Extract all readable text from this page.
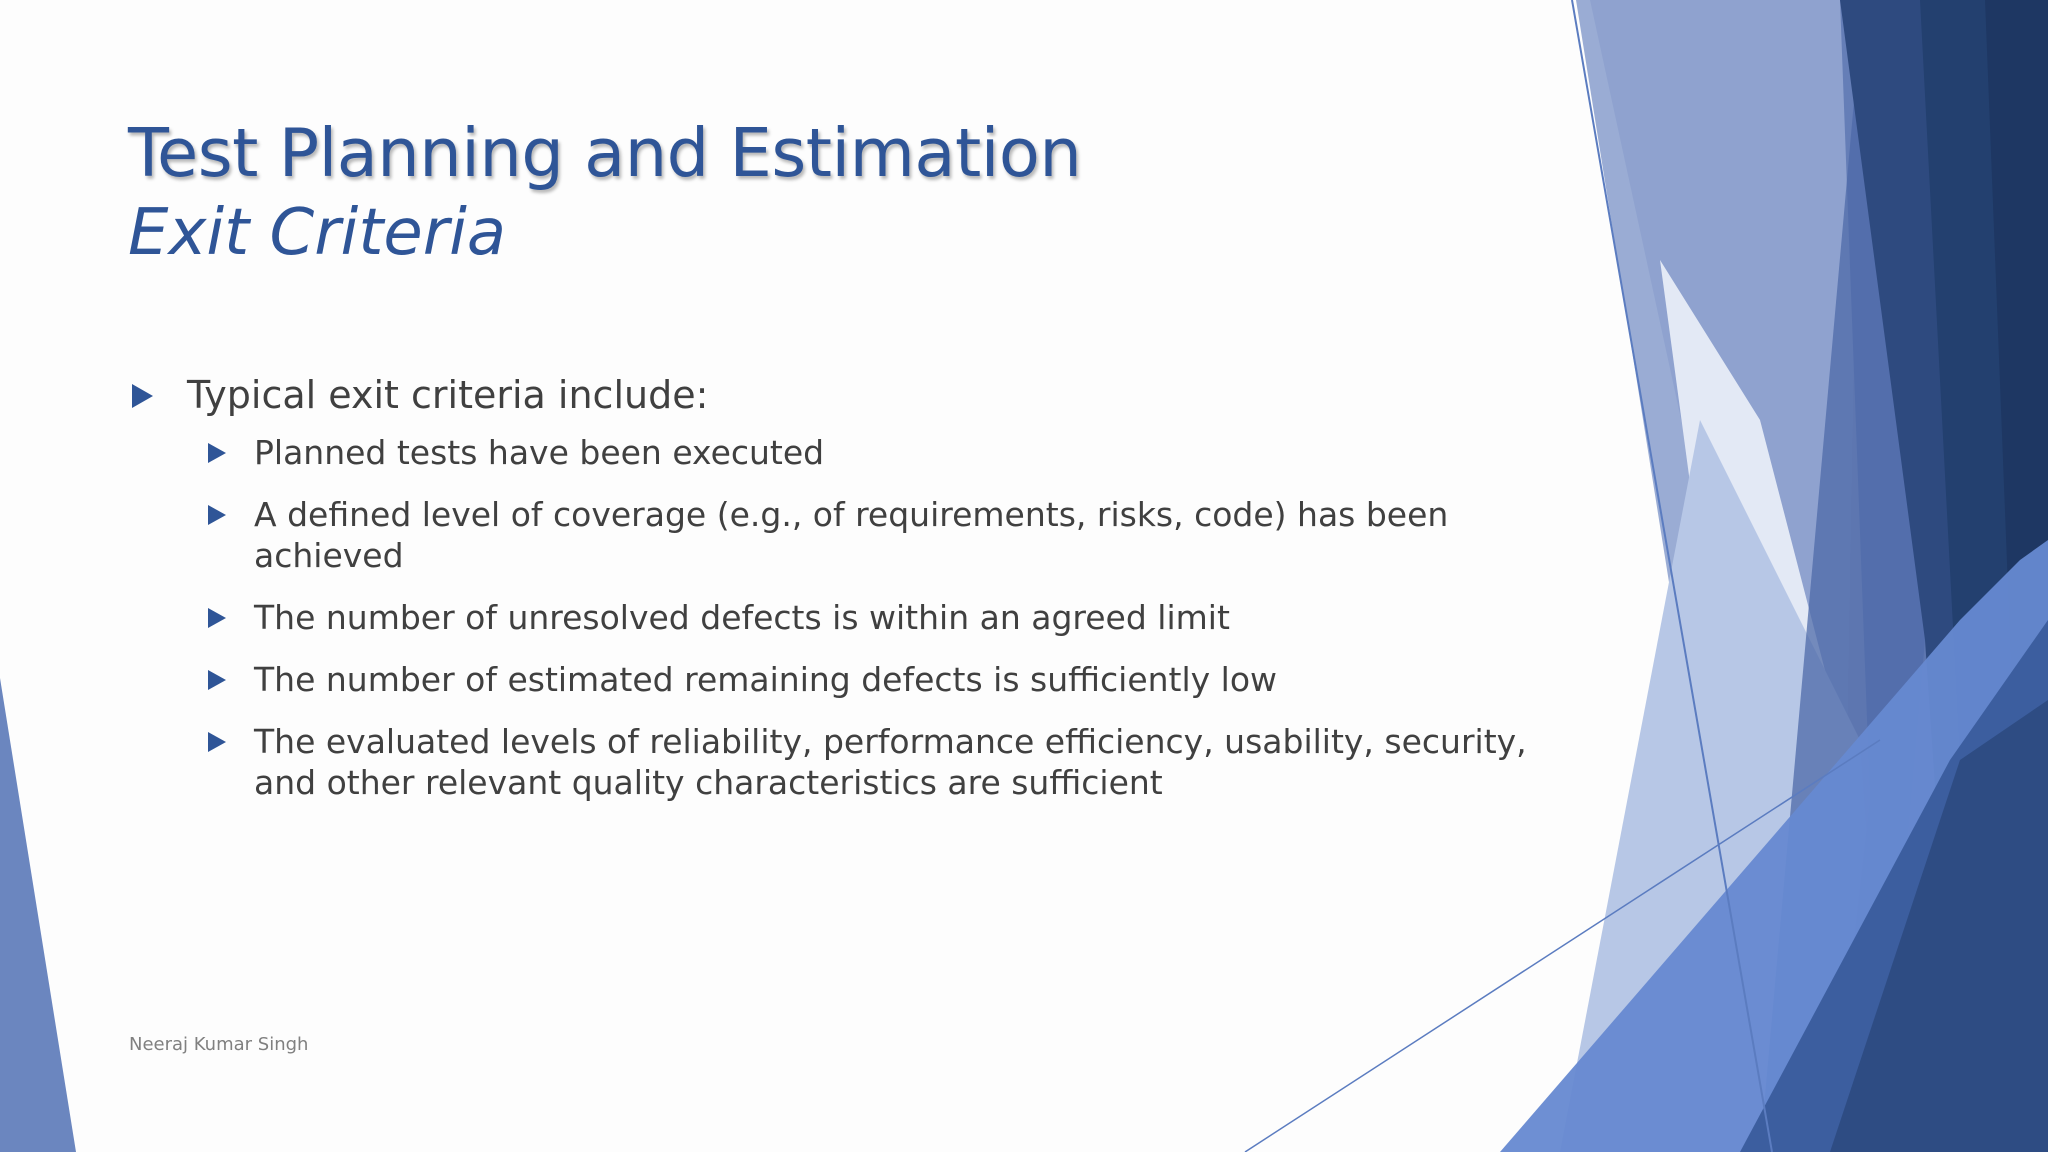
Test Planning and Estimation
Exit Criteria
Typical exit criteria include:
Planned tests have been executed
A defined level of coverage (e.g., of requirements, risks, code) has been achieved
The number of unresolved defects is within an agreed limit
The number of estimated remaining defects is sufficiently low
The evaluated levels of reliability, performance efficiency, usability, security, and other relevant quality characteristics are sufficient
Neeraj Kumar Singh
